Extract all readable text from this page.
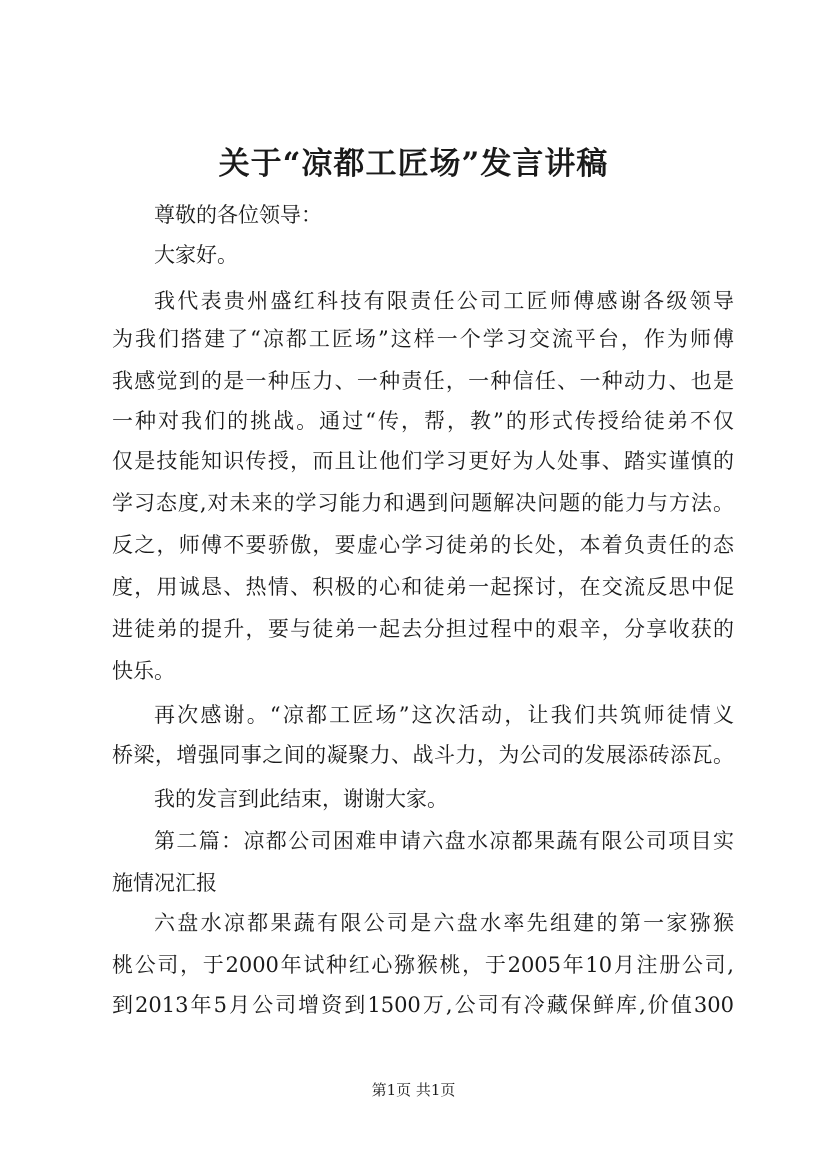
关于“凉都工匠场”发言讲稿
尊敬的各位领导：
大家好。
我代表贵州盛红科技有限责任公司工匠师傅感谢各级领导
为我们搭建了“凉都工匠场”这样一个学习交流平台，作为师傅
我感觉到的是一种压力、一种责任，一种信任、一种动力、也是
一种对我们的挑战。通过“传，帮，教”的形式传授给徒弟不仅
仅是技能知识传授，而且让他们学习更好为人处事、踏实谨慎的
学习态度,对未来的学习能力和遇到问题解决问题的能力与方法。
反之，师傅不要骄傲，要虚心学习徒弟的长处，本着负责任的态
度，用诚恳、热情、积极的心和徒弟一起探讨，在交流反思中促
进徒弟的提升，要与徒弟一起去分担过程中的艰辛，分享收获的
快乐。
再次感谢。“凉都工匠场”这次活动，让我们共筑师徒情义
桥梁，增强同事之间的凝聚力、战斗力，为公司的发展添砖添瓦。
我的发言到此结束，谢谢大家。
第二篇：凉都公司困难申请六盘水凉都果蔬有限公司项目实
施情况汇报
六盘水凉都果蔬有限公司是六盘水率先组建的第一家猕猴
桃公司，于2000年试种红心猕猴桃，于2005年10月注册公司,
到2013年5月公司增资到1500万,公司有冷藏保鲜库,价值300
第1页 共1页
